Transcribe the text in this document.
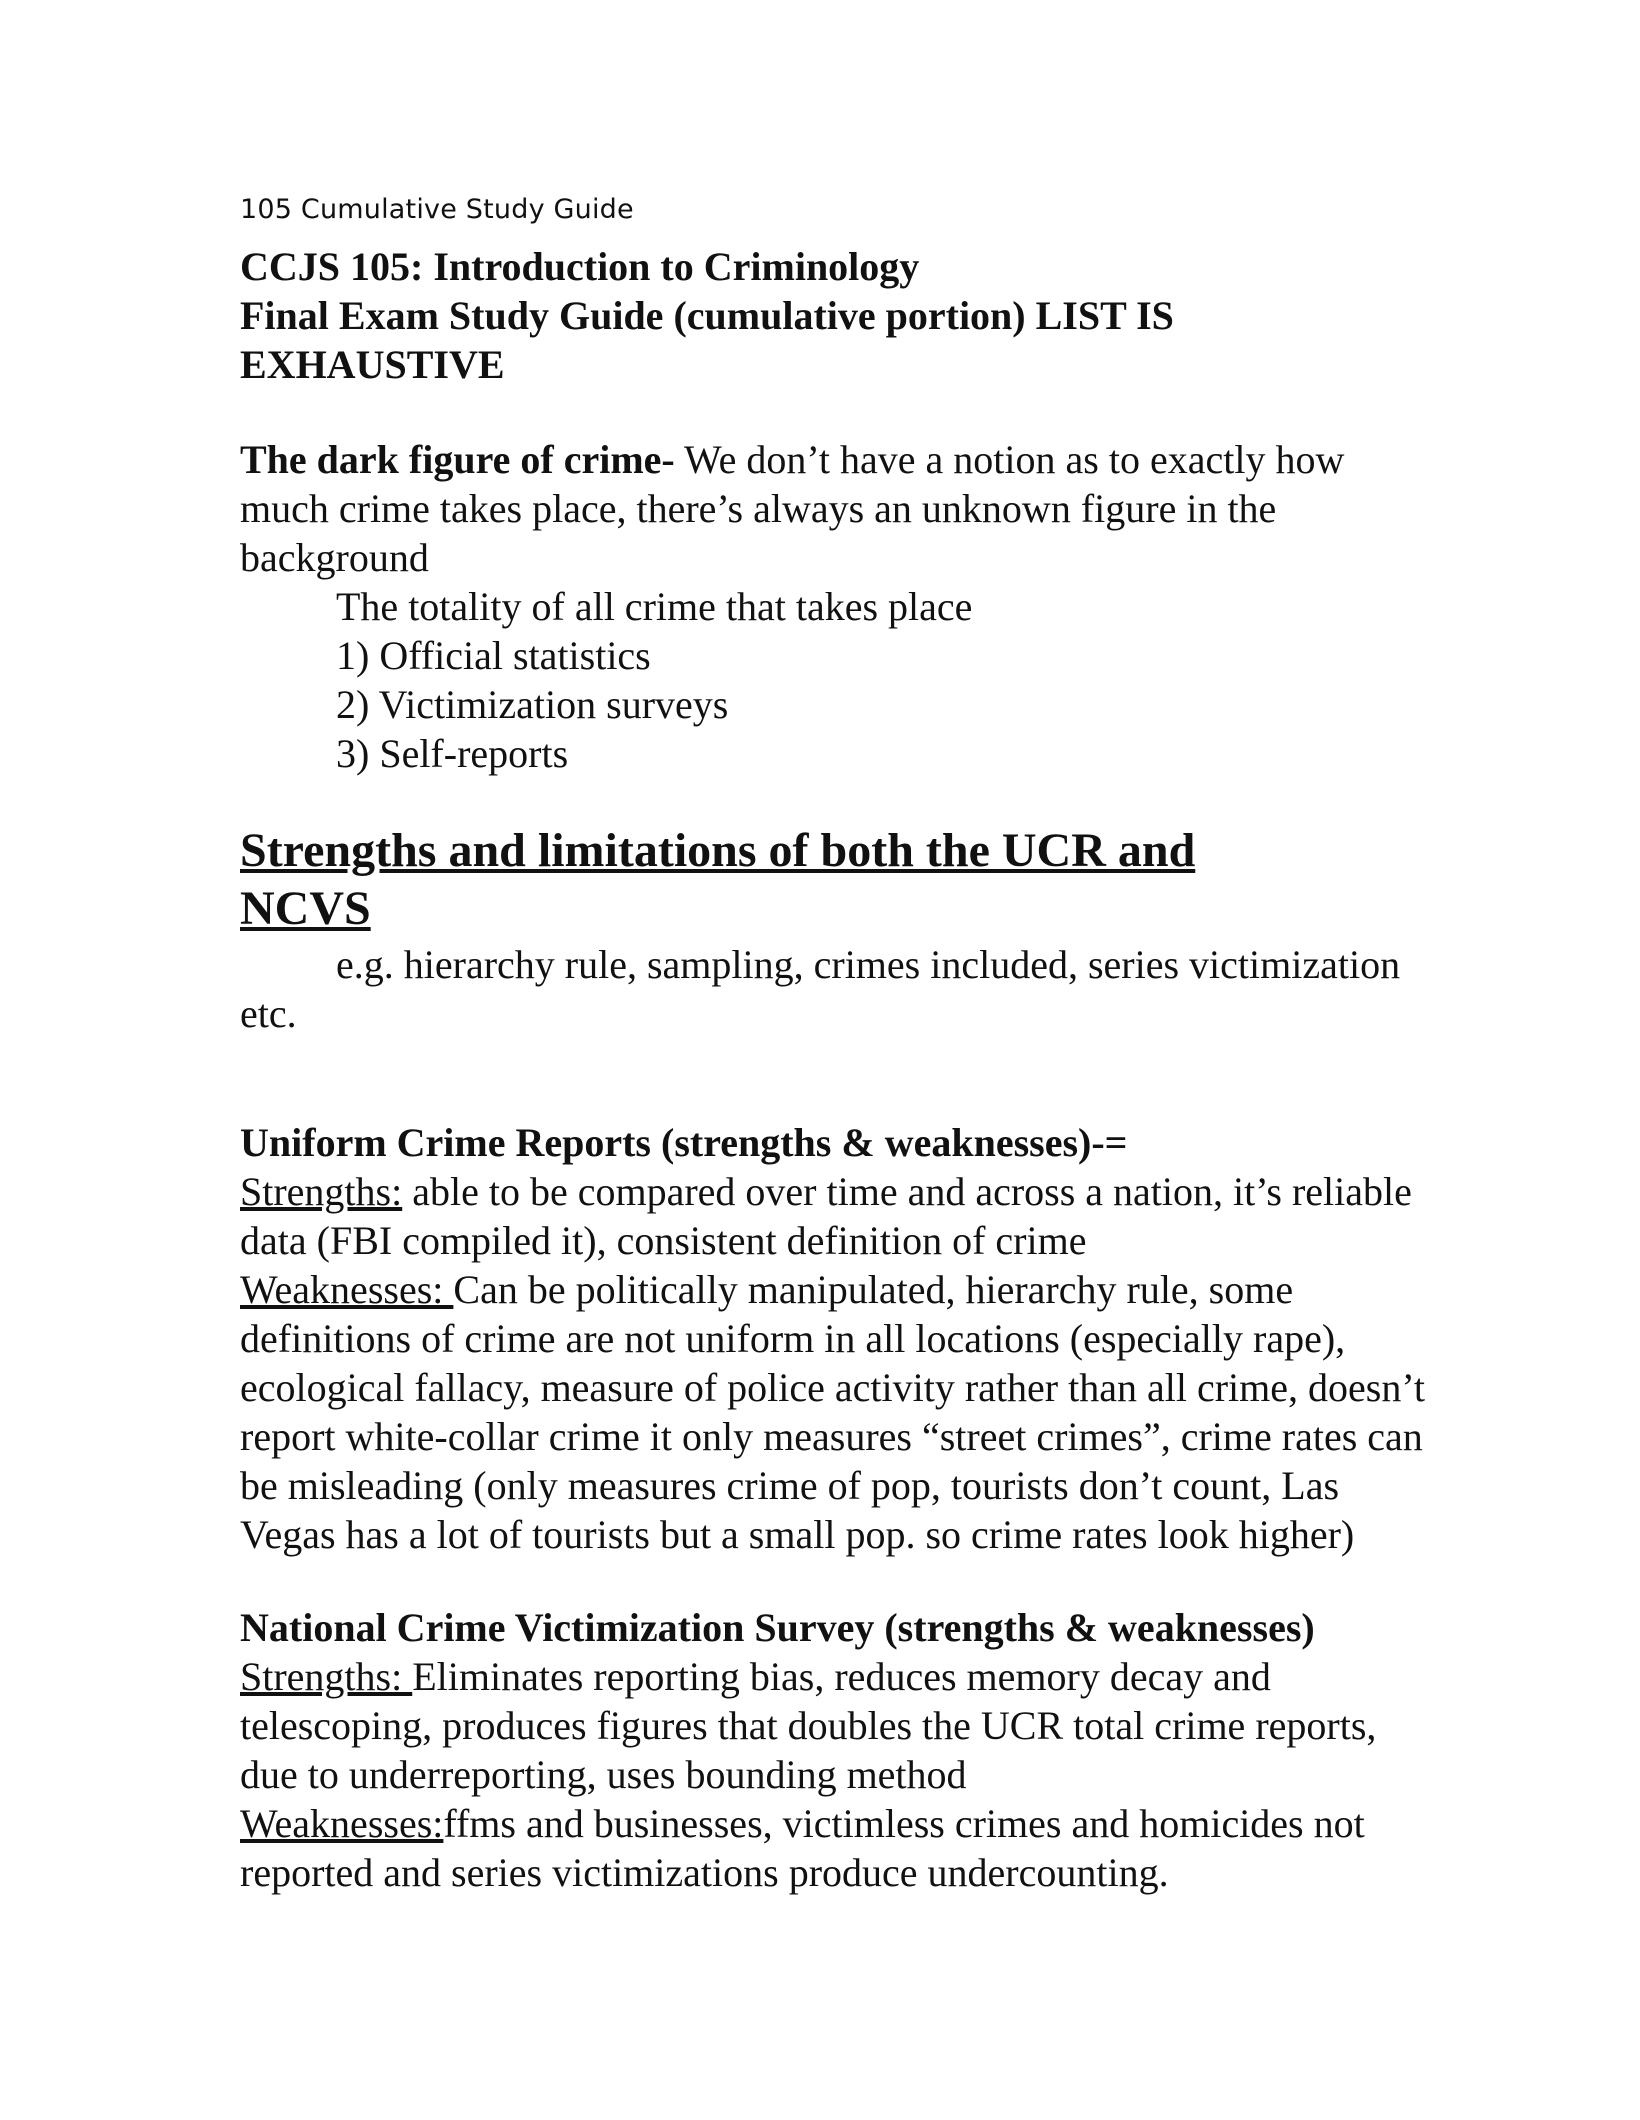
105 Cumulative Study Guide
CCJS 105: Introduction to Criminology
Final Exam Study Guide (cumulative portion) LIST IS
EXHAUSTIVE

The dark figure of crime- We don’t have a notion as to exactly how much crime takes place, there’s always an unknown figure in the background

The totality of all crime that takes place

1) Official statistics

2) Victimization surveys

3) Self-reports

Strengths and limitations of both the UCR and NCVS

e.g. hierarchy rule, sampling, crimes included, series victimization etc.

Uniform Crime Reports (strengths & weaknesses)-=

Strengths: able to be compared over time and across a nation, it’s reliable data (FBI compiled it), consistent definition of crime

Weaknesses: Can be politically manipulated, hierarchy rule, some definitions of crime are not uniform in all locations (especially rape), ecological fallacy, measure of police activity rather than all crime, doesn’t report white-collar crime it only measures “street crimes”, crime rates can be misleading (only measures crime of pop, tourists don’t count, Las Vegas has a lot of tourists but a small pop. so crime rates look higher)

National Crime Victimization Survey (strengths & weaknesses)

Strengths: Eliminates reporting bias, reduces memory decay and telescoping, produces figures that doubles the UCR total crime reports, due to underreporting, uses bounding method

Weaknesses:ffms and businesses, victimless crimes and homicides not reported and series victimizations produce undercounting.
